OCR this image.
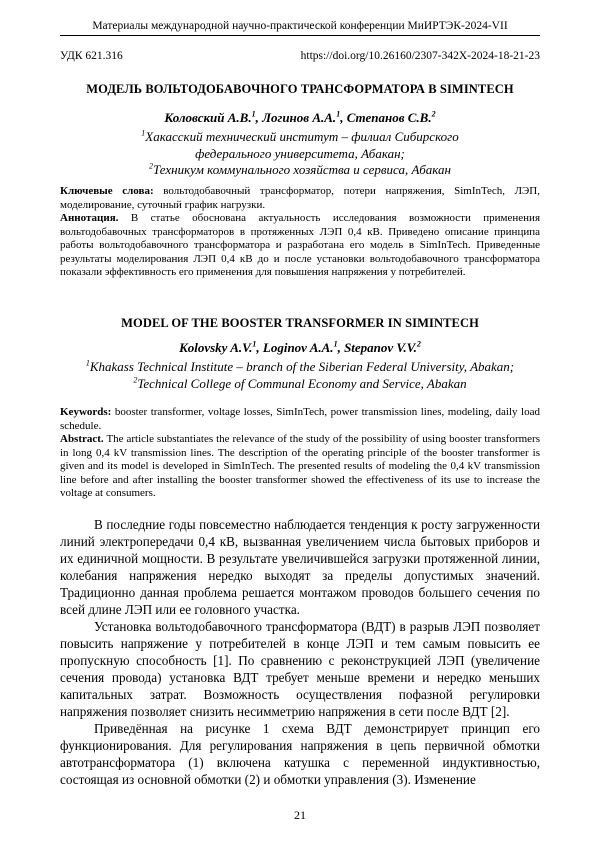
Материалы международной научно-практической конференции МиИРТЭК-2024-VII
УДК 621.316	https://doi.org/10.26160/2307-342X-2024-18-21-23
МОДЕЛЬ ВОЛЬТОДОБАВОЧНОГО ТРАНСФОРМАТОРА В SIMINTECH
Коловский А.В.$^1$, Логинов А.А.$^1$, Степанов С.В.$^2$
$^1$Хакасский технический институт – филиал Сибирского федерального университета, Абакан;
$^2$Техникум коммунального хозяйства и сервиса, Абакан
Ключевые слова: вольтодобавочный трансформатор, потери напряжения, SimInTech, ЛЭП, моделирование, суточный график нагрузки.
Аннотация. В статье обоснована актуальность исследования возможности применения вольтодобавочных трансформаторов в протяженных ЛЭП 0,4 кВ. Приведено описание принципа работы вольтодобавочного трансформатора и разработана его модель в SimInTech. Приведенные результаты моделирования ЛЭП 0,4 кВ до и после установки вольтодобавочного трансформатора показали эффективность его применения для повышения напряжения у потребителей.
MODEL OF THE BOOSTER TRANSFORMER IN SIMINTECH
Kolovsky A.V.$^1$, Loginov A.A.$^1$, Stepanov V.V.$^2$
$^1$Khakass Technical Institute – branch of the Siberian Federal University, Abakan;
$^2$Technical College of Communal Economy and Service, Abakan
Keywords: booster transformer, voltage losses, SimInTech, power transmission lines, modeling, daily load schedule.
Abstract. The article substantiates the relevance of the study of the possibility of using booster transformers in long 0,4 kV transmission lines. The description of the operating principle of the booster transformer is given and its model is developed in SimInTech. The presented results of modeling the 0,4 kV transmission line before and after installing the booster transformer showed the effectiveness of its use to increase the voltage at consumers.

В последние годы повсеместно наблюдается тенденция к росту загруженности линий электропередачи 0,4 кВ, вызванная увеличением числа бытовых приборов и их единичной мощности. В результате увеличившейся загрузки протяженной линии, колебания напряжения нередко выходят за пределы допустимых значений. Традиционно данная проблема решается монтажом проводов большего сечения по всей длине ЛЭП или ее головного участка.

Установка вольтодобавочного трансформатора (ВДТ) в разрыв ЛЭП позволяет повысить напряжение у потребителей в конце ЛЭП и тем самым повысить ее пропускную способность [1]. По сравнению с реконструкцией ЛЭП (увеличение сечения провода) установка ВДТ требует меньше времени и нередко меньших капитальных затрат. Возможность осуществления пофазной регулировки напряжения позволяет снизить несимметрию напряжения в сети после ВДТ [2].

Приведённая на рисунке 1 схема ВДТ демонстрирует принцип его функционирования. Для регулирования напряжения в цепь первичной обмотки автотрансформатора (1) включена катушка с переменной индуктивностью, состоящая из основной обмотки (2) и обмотки управления (3). Изменение

21
